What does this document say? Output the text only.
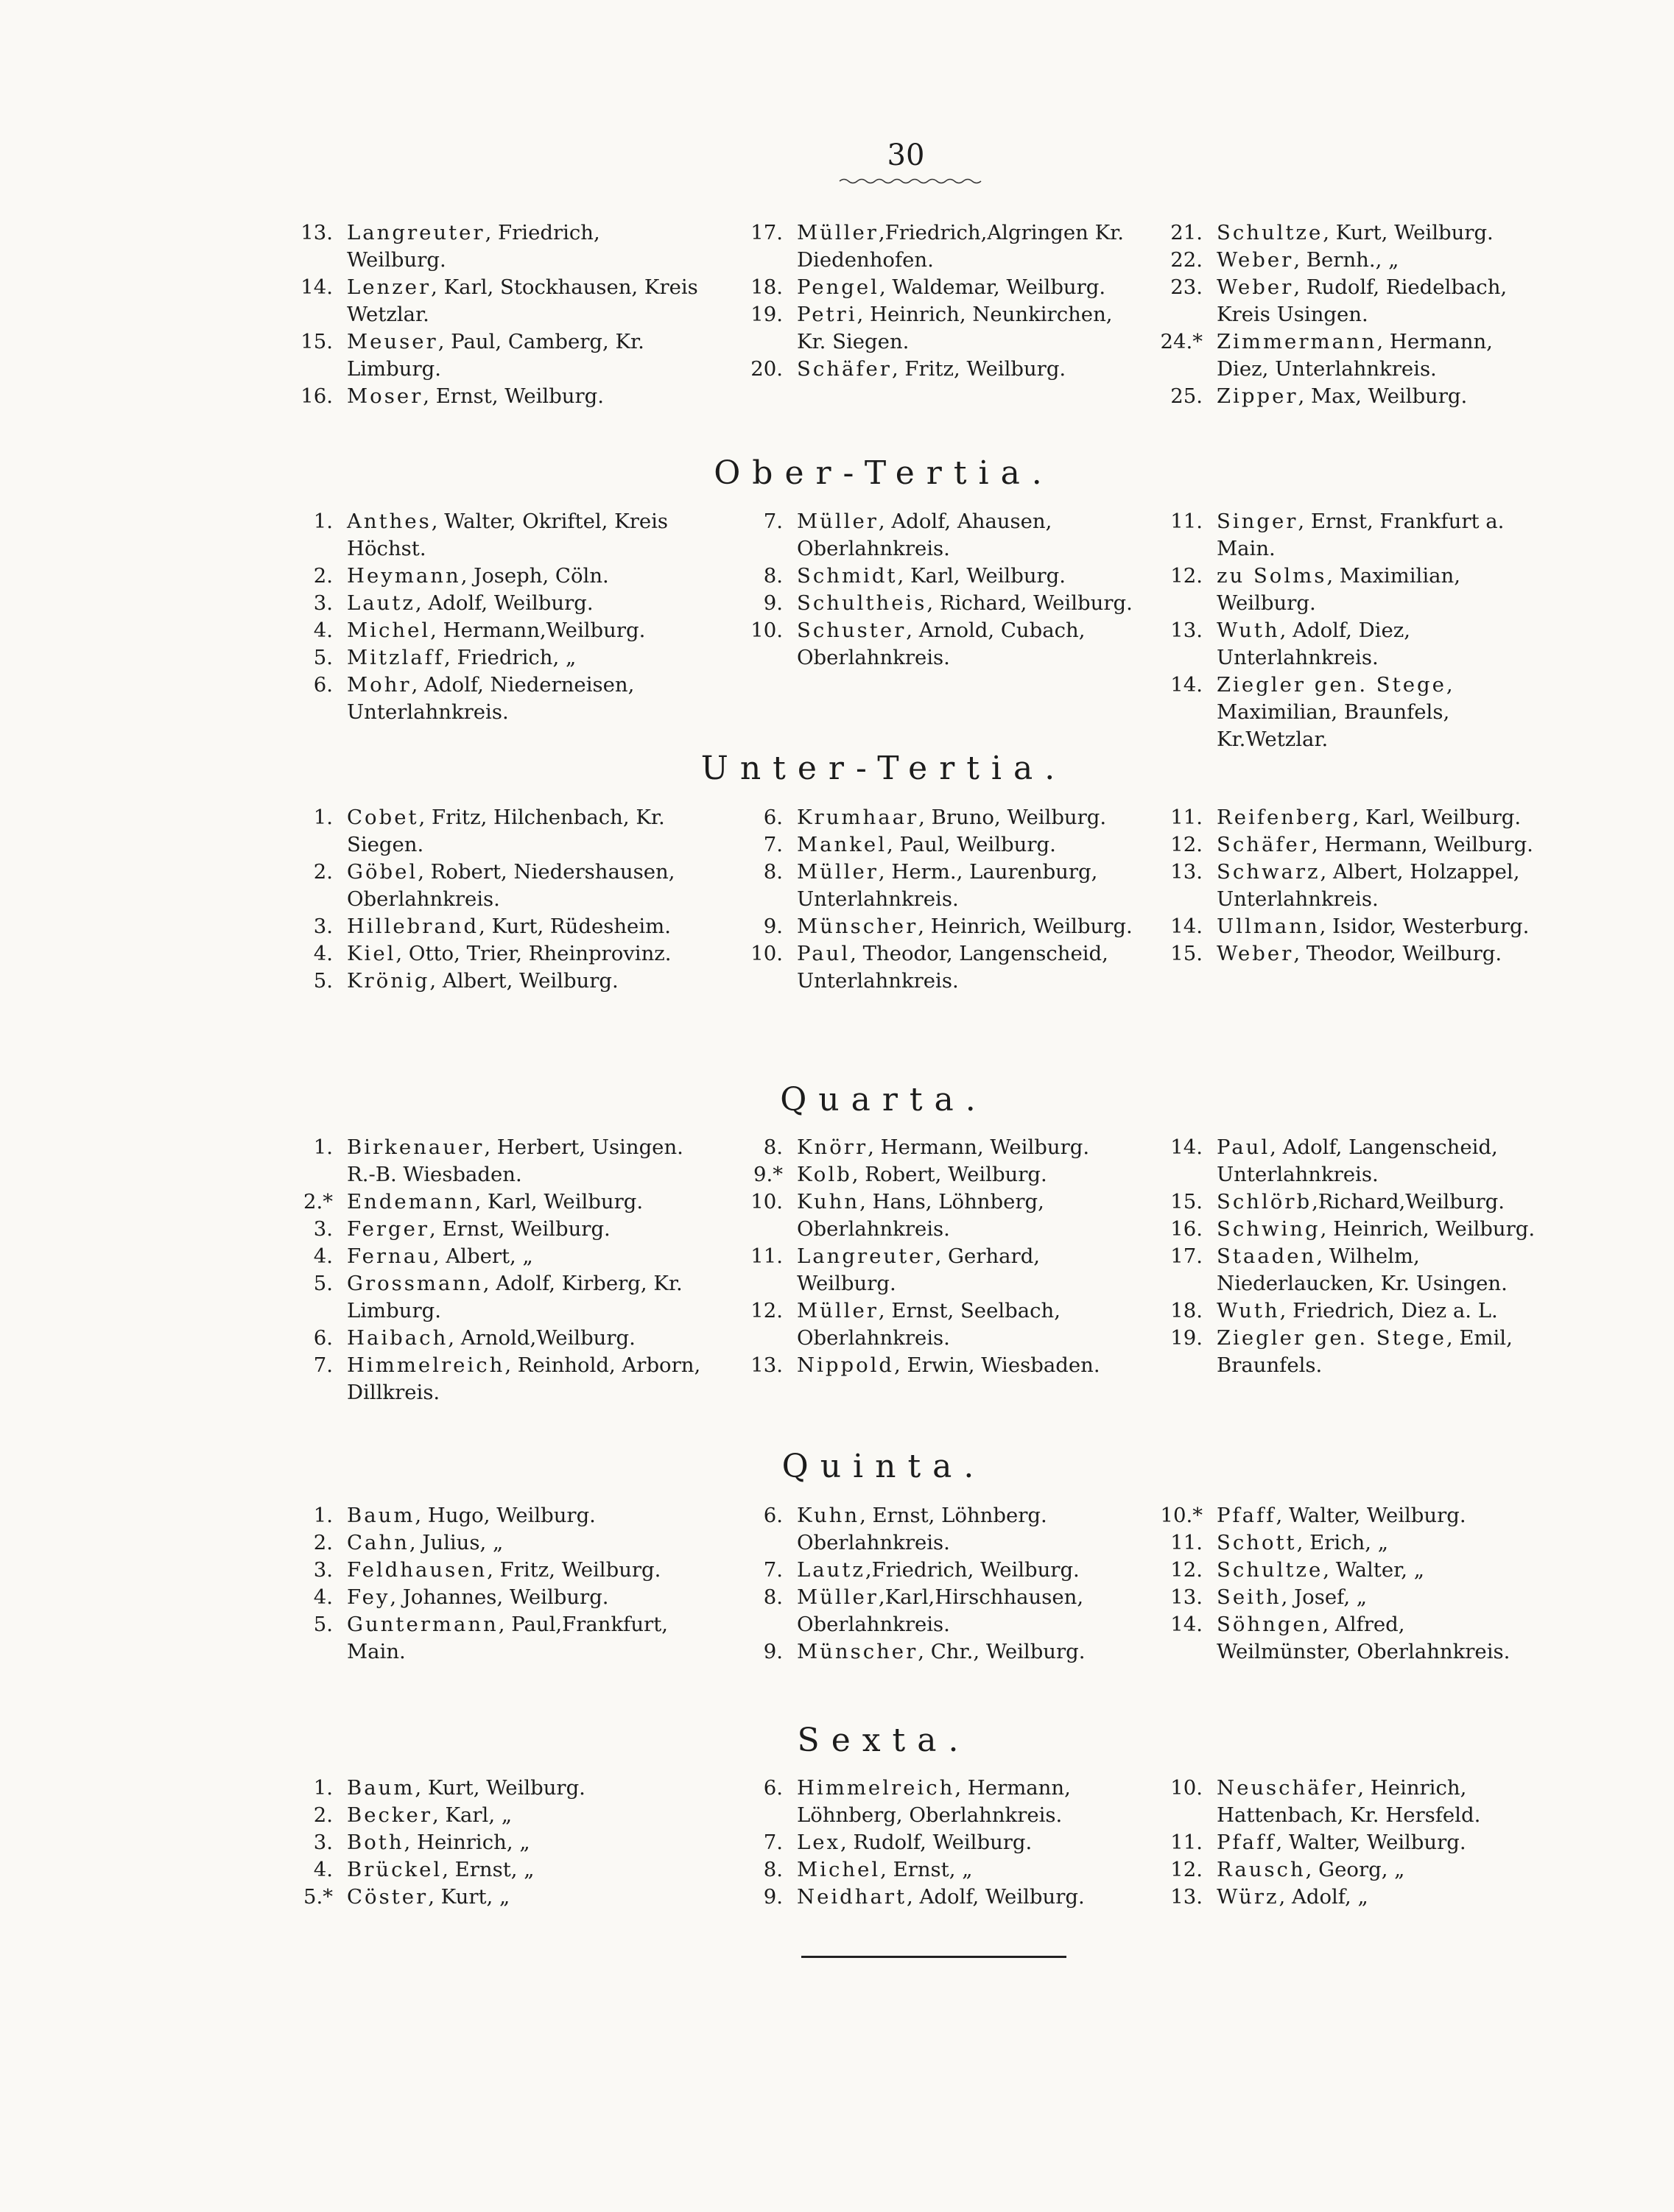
30
13. Langreuter, Friedrich, Weilburg.
14. Lenzer, Karl, Stockhausen, Kreis Wetzlar.
15. Meuser, Paul, Camberg, Kr. Limburg.
16. Moser, Ernst, Weilburg.
17. Müller,Friedrich,Algringen Kr. Diedenhofen.
18. Pengel, Waldemar, Weilburg.
19. Petri, Heinrich, Neunkirchen, Kr. Siegen.
20. Schäfer, Fritz, Weilburg.
21. Schultze, Kurt, Weilburg.
22. Weber, Bernh., „
23. Weber, Rudolf, Riedelbach, Kreis Usingen.
24.* Zimmermann, Hermann, Diez, Unterlahnkreis.
25. Zipper, Max, Weilburg.
Ober-Tertia.
1. Anthes, Walter, Okriftel, Kreis Höchst.
2. Heymann, Joseph, Cöln.
3. Lautz, Adolf, Weilburg.
4. Michel, Hermann,Weilburg.
5. Mitzlaff, Friedrich, „
6. Mohr, Adolf, Niederneisen, Unterlahnkreis.
7. Müller, Adolf, Ahausen, Oberlahnkreis.
8. Schmidt, Karl, Weilburg.
9. Schultheis, Richard, Weilburg.
10. Schuster, Arnold, Cubach, Oberlahnkreis.
11. Singer, Ernst, Frankfurt a. Main.
12. zu Solms, Maximilian, Weilburg.
13. Wuth, Adolf, Diez, Unterlahnkreis.
14. Ziegler gen. Stege, Maximilian, Braunfels, Kr.Wetzlar.
Unter-Tertia.
1. Cobet, Fritz, Hilchenbach, Kr. Siegen.
2. Göbel, Robert, Niedershausen, Oberlahnkreis.
3. Hillebrand, Kurt, Rüdesheim.
4. Kiel, Otto, Trier, Rheinprovinz.
5. Krönig, Albert, Weilburg.
6. Krumhaar, Bruno, Weilburg.
7. Mankel, Paul, Weilburg.
8. Müller, Herm., Laurenburg, Unterlahnkreis.
9. Münscher, Heinrich, Weilburg.
10. Paul, Theodor, Langenscheid, Unterlahnkreis.
11. Reifenberg, Karl, Weilburg.
12. Schäfer, Hermann, Weilburg.
13. Schwarz, Albert, Holzappel, Unterlahnkreis.
14. Ullmann, Isidor, Westerburg.
15. Weber, Theodor, Weilburg.
Quarta.
1. Birkenauer, Herbert, Usingen. R.-B. Wiesbaden.
2.* Endemann, Karl, Weilburg.
3. Ferger, Ernst, Weilburg.
4. Fernau, Albert, „
5. Grossmann, Adolf, Kirberg, Kr. Limburg.
6. Haibach, Arnold,Weilburg.
7. Himmelreich, Reinhold, Arborn, Dillkreis.
8. Knörr, Hermann, Weilburg.
9.* Kolb, Robert, Weilburg.
10. Kuhn, Hans, Löhnberg, Oberlahnkreis.
11. Langreuter, Gerhard, Weilburg.
12. Müller, Ernst, Seelbach, Oberlahnkreis.
13. Nippold, Erwin, Wiesbaden.
14. Paul, Adolf, Langenscheid, Unterlahnkreis.
15. Schlörb,Richard,Weilburg.
16. Schwing, Heinrich, Weilburg.
17. Staaden, Wilhelm, Niederlaucken, Kr. Usingen.
18. Wuth, Friedrich, Diez a. L.
19. Ziegler gen. Stege, Emil, Braunfels.
Quinta.
1. Baum, Hugo, Weilburg.
2. Cahn, Julius, „
3. Feldhausen, Fritz, Weilburg.
4. Fey, Johannes, Weilburg.
5. Guntermann, Paul,Frankfurt, Main.
6. Kuhn, Ernst, Löhnberg. Oberlahnkreis.
7. Lautz,Friedrich, Weilburg.
8. Müller,Karl,Hirschhausen, Oberlahnkreis.
9. Münscher, Chr., Weilburg.
10.* Pfaff, Walter, Weilburg.
11. Schott, Erich, „
12. Schultze, Walter, „
13. Seith, Josef, „
14. Söhngen, Alfred, Weilmünster, Oberlahnkreis.
Sexta.
1. Baum, Kurt, Weilburg.
2. Becker, Karl, „
3. Both, Heinrich, „
4. Brückel, Ernst, „
5.* Cöster, Kurt, „
6. Himmelreich, Hermann, Löhnberg, Oberlahnkreis.
7. Lex, Rudolf, Weilburg.
8. Michel, Ernst, „
9. Neidhart, Adolf, Weilburg.
10. Neuschäfer, Heinrich, Hattenbach, Kr. Hersfeld.
11. Pfaff, Walter, Weilburg.
12. Rausch, Georg, „
13. Würz, Adolf, „
